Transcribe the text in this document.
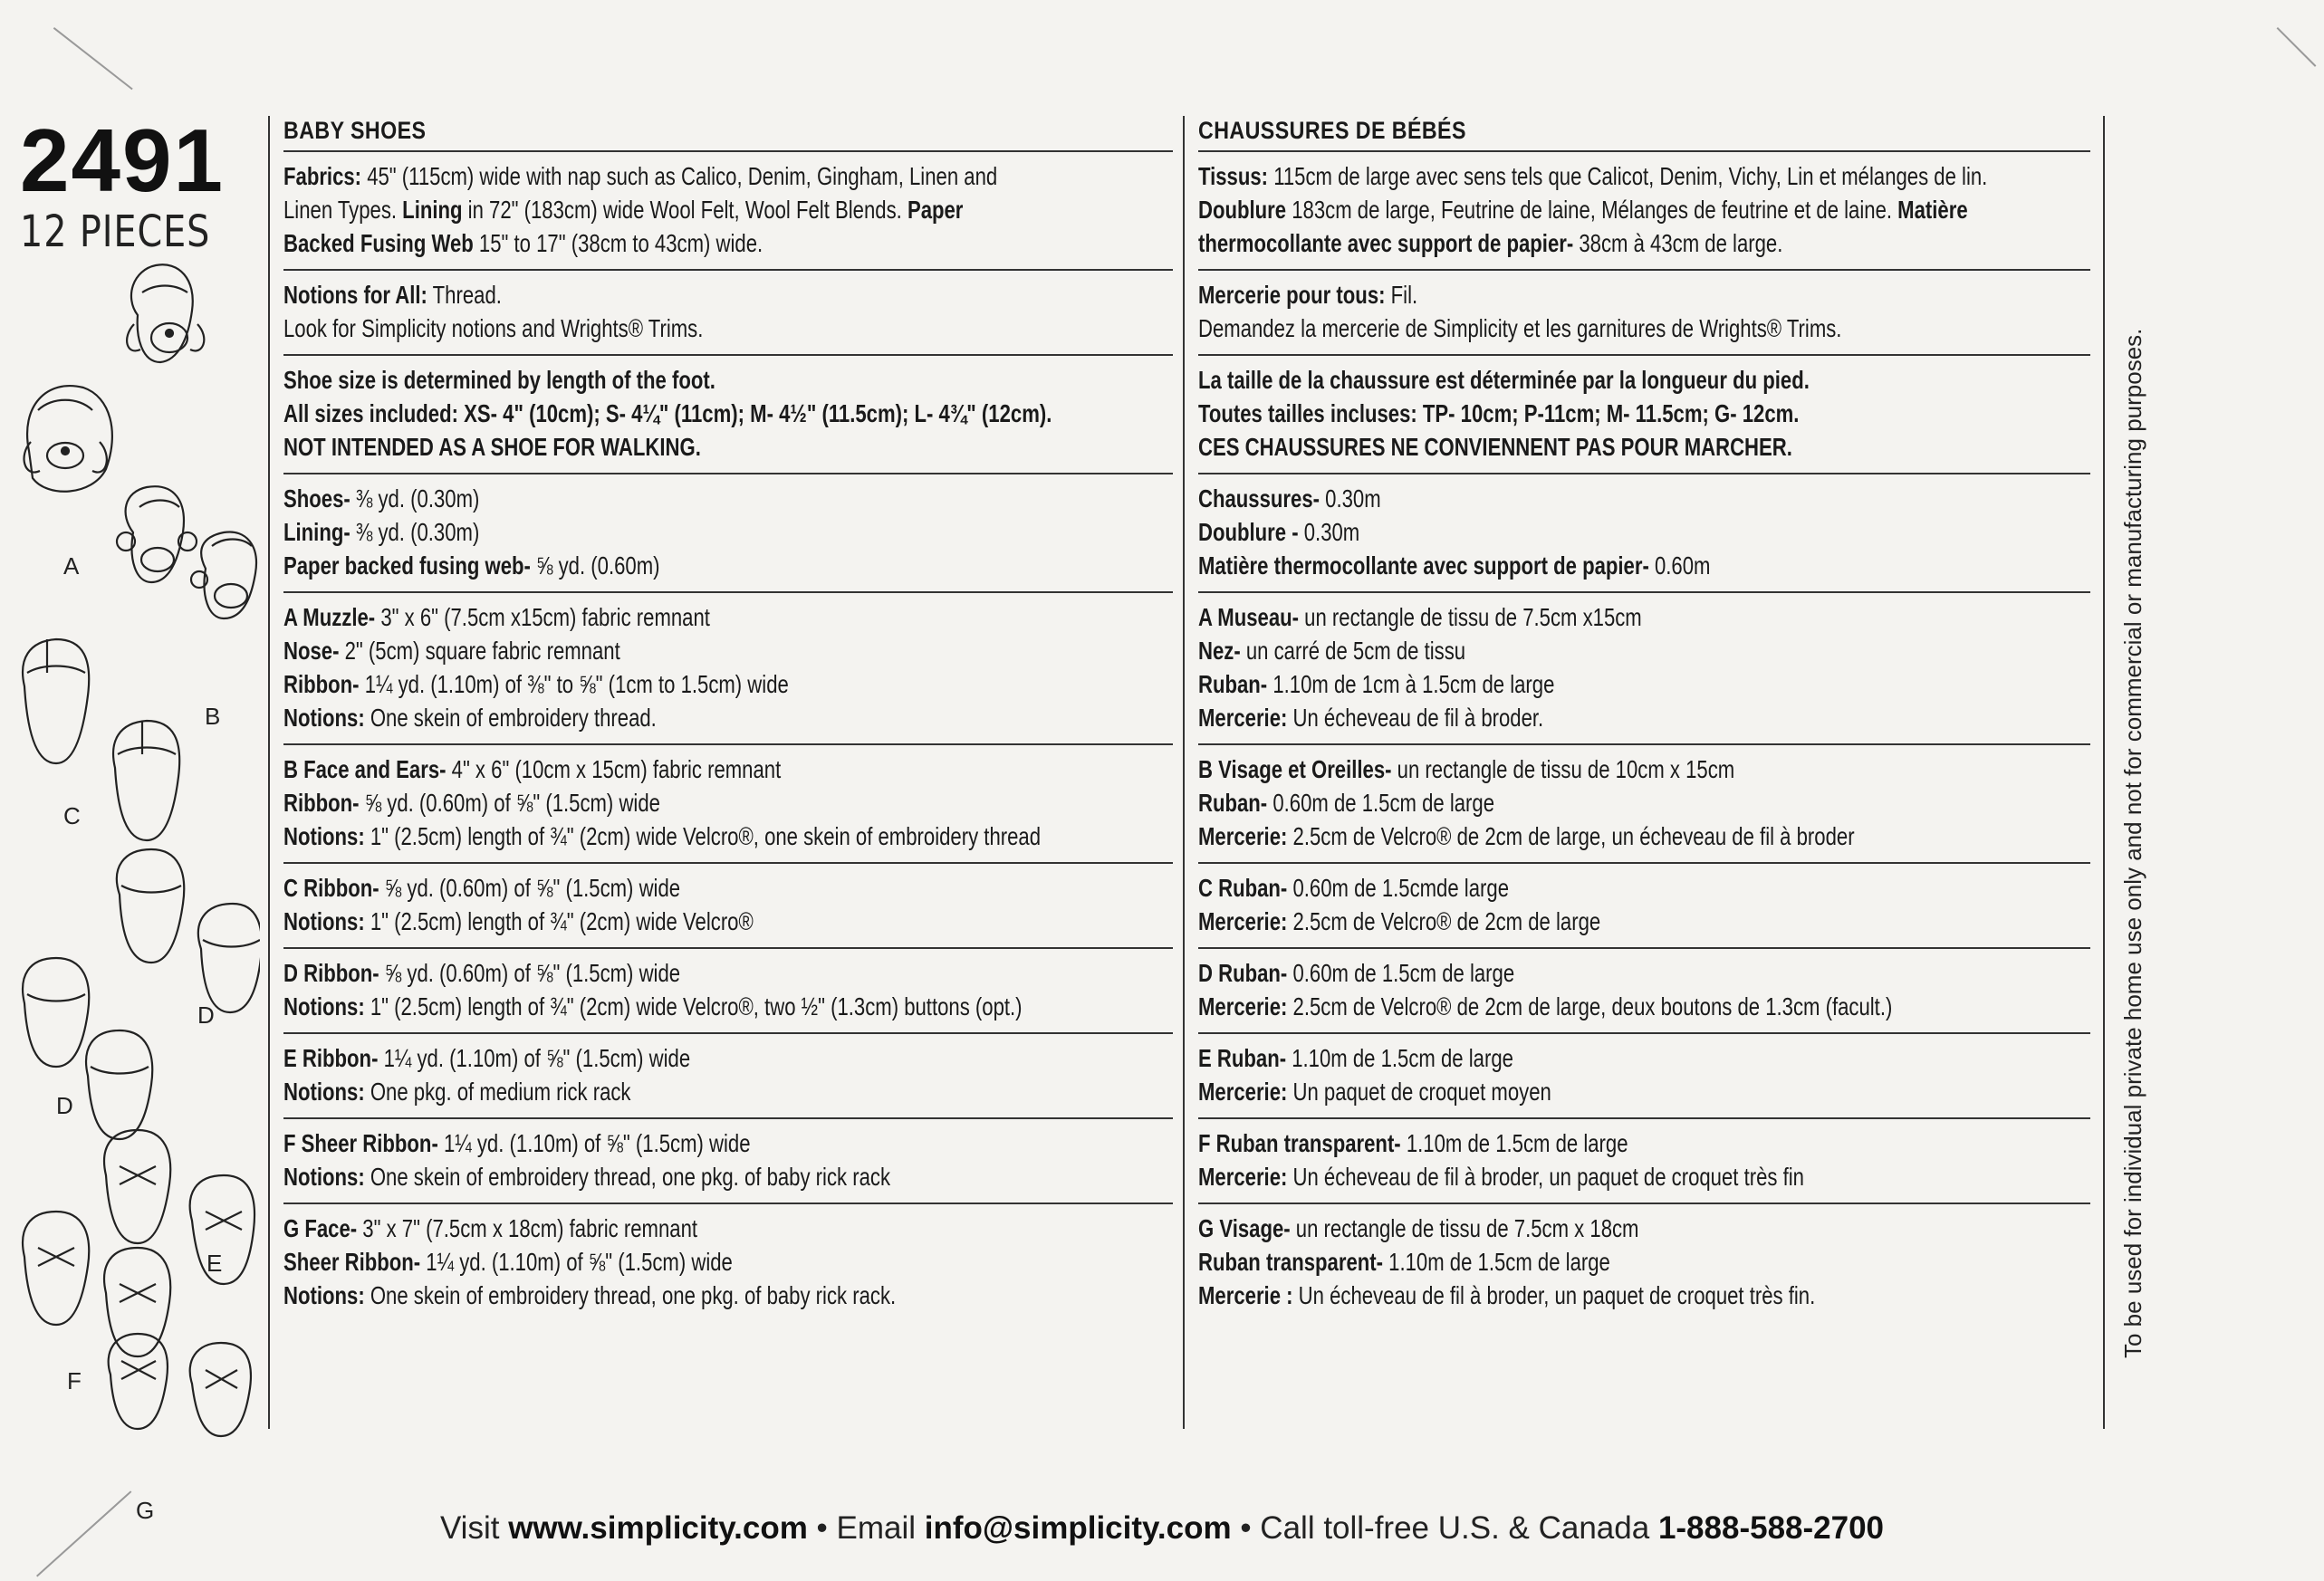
2491
12 PIECES
A
B
C
D
D
E
F
G
BABY SHOES
Fabrics: 45" (115cm) wide with nap such as Calico, Denim, Gingham, Linen and
Linen Types. Lining in 72" (183cm) wide Wool Felt, Wool Felt Blends. Paper
Backed Fusing Web 15" to 17" (38cm to 43cm) wide.
Notions for All: Thread.
Look for Simplicity notions and Wrights® Trims.
Shoe size is determined by length of the foot.
All sizes included: XS- 4" (10cm); S- 4¼" (11cm); M- 4½" (11.5cm); L- 4¾" (12cm).
NOT INTENDED AS A SHOE FOR WALKING.
Shoes- ⅜ yd. (0.30m)
Lining- ⅜ yd. (0.30m)
Paper backed fusing web- ⅝ yd. (0.60m)
A Muzzle- 3" x 6" (7.5cm x15cm) fabric remnant
Nose- 2" (5cm) square fabric remnant
Ribbon- 1¼ yd. (1.10m) of ⅜" to ⅝" (1cm to 1.5cm) wide
Notions: One skein of embroidery thread.
B Face and Ears- 4" x 6" (10cm x 15cm) fabric remnant
Ribbon- ⅝ yd. (0.60m) of ⅝" (1.5cm) wide
Notions: 1" (2.5cm) length of ¾" (2cm) wide Velcro®, one skein of embroidery thread
C Ribbon- ⅝ yd. (0.60m) of ⅝" (1.5cm) wide
Notions: 1" (2.5cm) length of ¾" (2cm) wide Velcro®
D Ribbon- ⅝ yd. (0.60m) of ⅝" (1.5cm) wide
Notions: 1" (2.5cm) length of ¾" (2cm) wide Velcro®, two ½" (1.3cm) buttons (opt.)
E Ribbon- 1¼ yd. (1.10m) of ⅝" (1.5cm) wide
Notions: One pkg. of medium rick rack
F Sheer Ribbon- 1¼ yd. (1.10m) of ⅝" (1.5cm) wide
Notions: One skein of embroidery thread, one pkg. of baby rick rack
G Face- 3" x 7" (7.5cm x 18cm) fabric remnant
Sheer Ribbon- 1¼ yd. (1.10m) of ⅝" (1.5cm) wide
Notions: One skein of embroidery thread, one pkg. of baby rick rack.
CHAUSSURES DE BÉBÉS
Tissus: 115cm de large avec sens tels que Calicot, Denim, Vichy, Lin et mélanges de lin.
Doublure 183cm de large, Feutrine de laine, Mélanges de feutrine et de laine. Matière
thermocollante avec support de papier- 38cm à 43cm de large.
Mercerie pour tous: Fil.
Demandez la mercerie de Simplicity et les garnitures de Wrights® Trims.
La taille de la chaussure est déterminée par la longueur du pied.
Toutes tailles incluses: TP- 10cm; P-11cm; M- 11.5cm; G- 12cm.
CES CHAUSSURES NE CONVIENNENT PAS POUR MARCHER.
Chaussures- 0.30m
Doublure - 0.30m
Matière thermocollante avec support de papier- 0.60m
A Museau- un rectangle de tissu de 7.5cm x15cm
Nez- un carré de 5cm de tissu
Ruban- 1.10m de 1cm à 1.5cm de large
Mercerie: Un écheveau de fil à broder.
B Visage et Oreilles- un rectangle de tissu de 10cm x 15cm
Ruban- 0.60m de 1.5cm de large
Mercerie: 2.5cm de Velcro® de 2cm de large, un écheveau de fil à broder
C Ruban- 0.60m de 1.5cmde large
Mercerie: 2.5cm de Velcro® de 2cm de large
D Ruban- 0.60m de 1.5cm de large
Mercerie: 2.5cm de Velcro® de 2cm de large, deux boutons de 1.3cm (facult.)
E Ruban- 1.10m de 1.5cm de large
Mercerie: Un paquet de croquet moyen
F Ruban transparent- 1.10m de 1.5cm de large
Mercerie: Un écheveau de fil à broder, un paquet de croquet très fin
G Visage- un rectangle de tissu de 7.5cm x 18cm
Ruban transparent- 1.10m de 1.5cm de large
Mercerie : Un écheveau de fil à broder, un paquet de croquet très fin.	To be used for individual private home use only and not for commercial or manufacturing purposes.
Visit www.simplicity.com • Email info@simplicity.com • Call toll-free U.S. & Canada 1-888-588-2700
